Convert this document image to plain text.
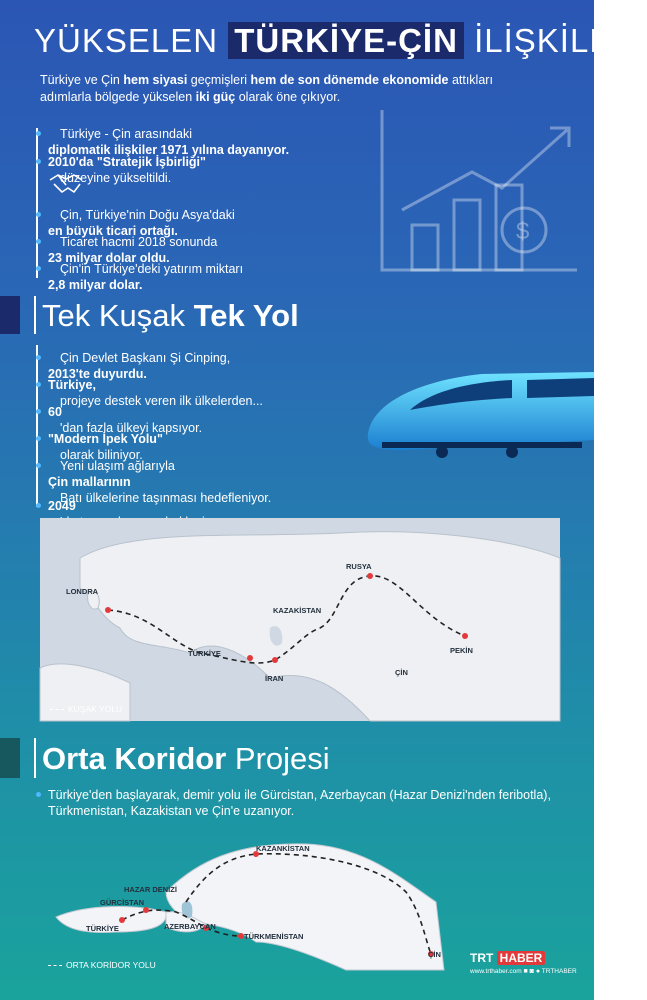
YÜKSELEN TÜRKİYE-ÇİN İLİŞKİLERİ
Türkiye ve Çin hem siyasi geçmişleri hem de son dönemde ekonomide attıkları adımlarla bölgede yükselen iki güç olarak öne çıkıyor.
$
Türkiye - Çin arasındaki
diplomatik ilişkiler 1971 yılına dayanıyor.
2010'da "Stratejik İşbirliği"
düzeyine yükseltildi.
Çin, Türkiye'nin Doğu Asya'daki
en büyük ticari ortağı.
Ticaret hacmi 2018 sonunda
23 milyar dolar oldu.
Çin'in Türkiye'deki yatırım miktarı
2,8 milyar dolar.
Tek Kuşak Tek Yol
Çin Devlet Başkanı Şi Cinping,
2013'te duyurdu.
Türkiye,
projeye destek veren ilk ülkelerden...
60
'dan fazla ülkeyi kapsıyor.
"Modern İpek Yolu"
olarak biliniyor.
Yeni ulaşım ağlarıyla
Çin mallarının
Batı ülkelerine taşınması hedefleniyor.
2049
LONDRA
RUSYA
KAZAKİSTAN
PEKİN
TÜRKİYE
İRAN
ÇİN
KUŞAK YOLU
Orta Koridor Projesi
Türkiye'den başlayarak, demir yolu ile Gürcistan, Azerbaycan (Hazar Denizi'nden feribotla), Türkmenistan, Kazakistan ve Çin'e uzanıyor.
KAZANKİSTAN
HAZAR DENİZİ
GÜRCİSTAN
TÜRKİYE	AZERBAYCAN
TÜRKMENİSTAN
ÇİN
ORTA KORİDOR YOLU	TRT HABER
www.trthaber.com ■ ◙ ● TRTHABER
